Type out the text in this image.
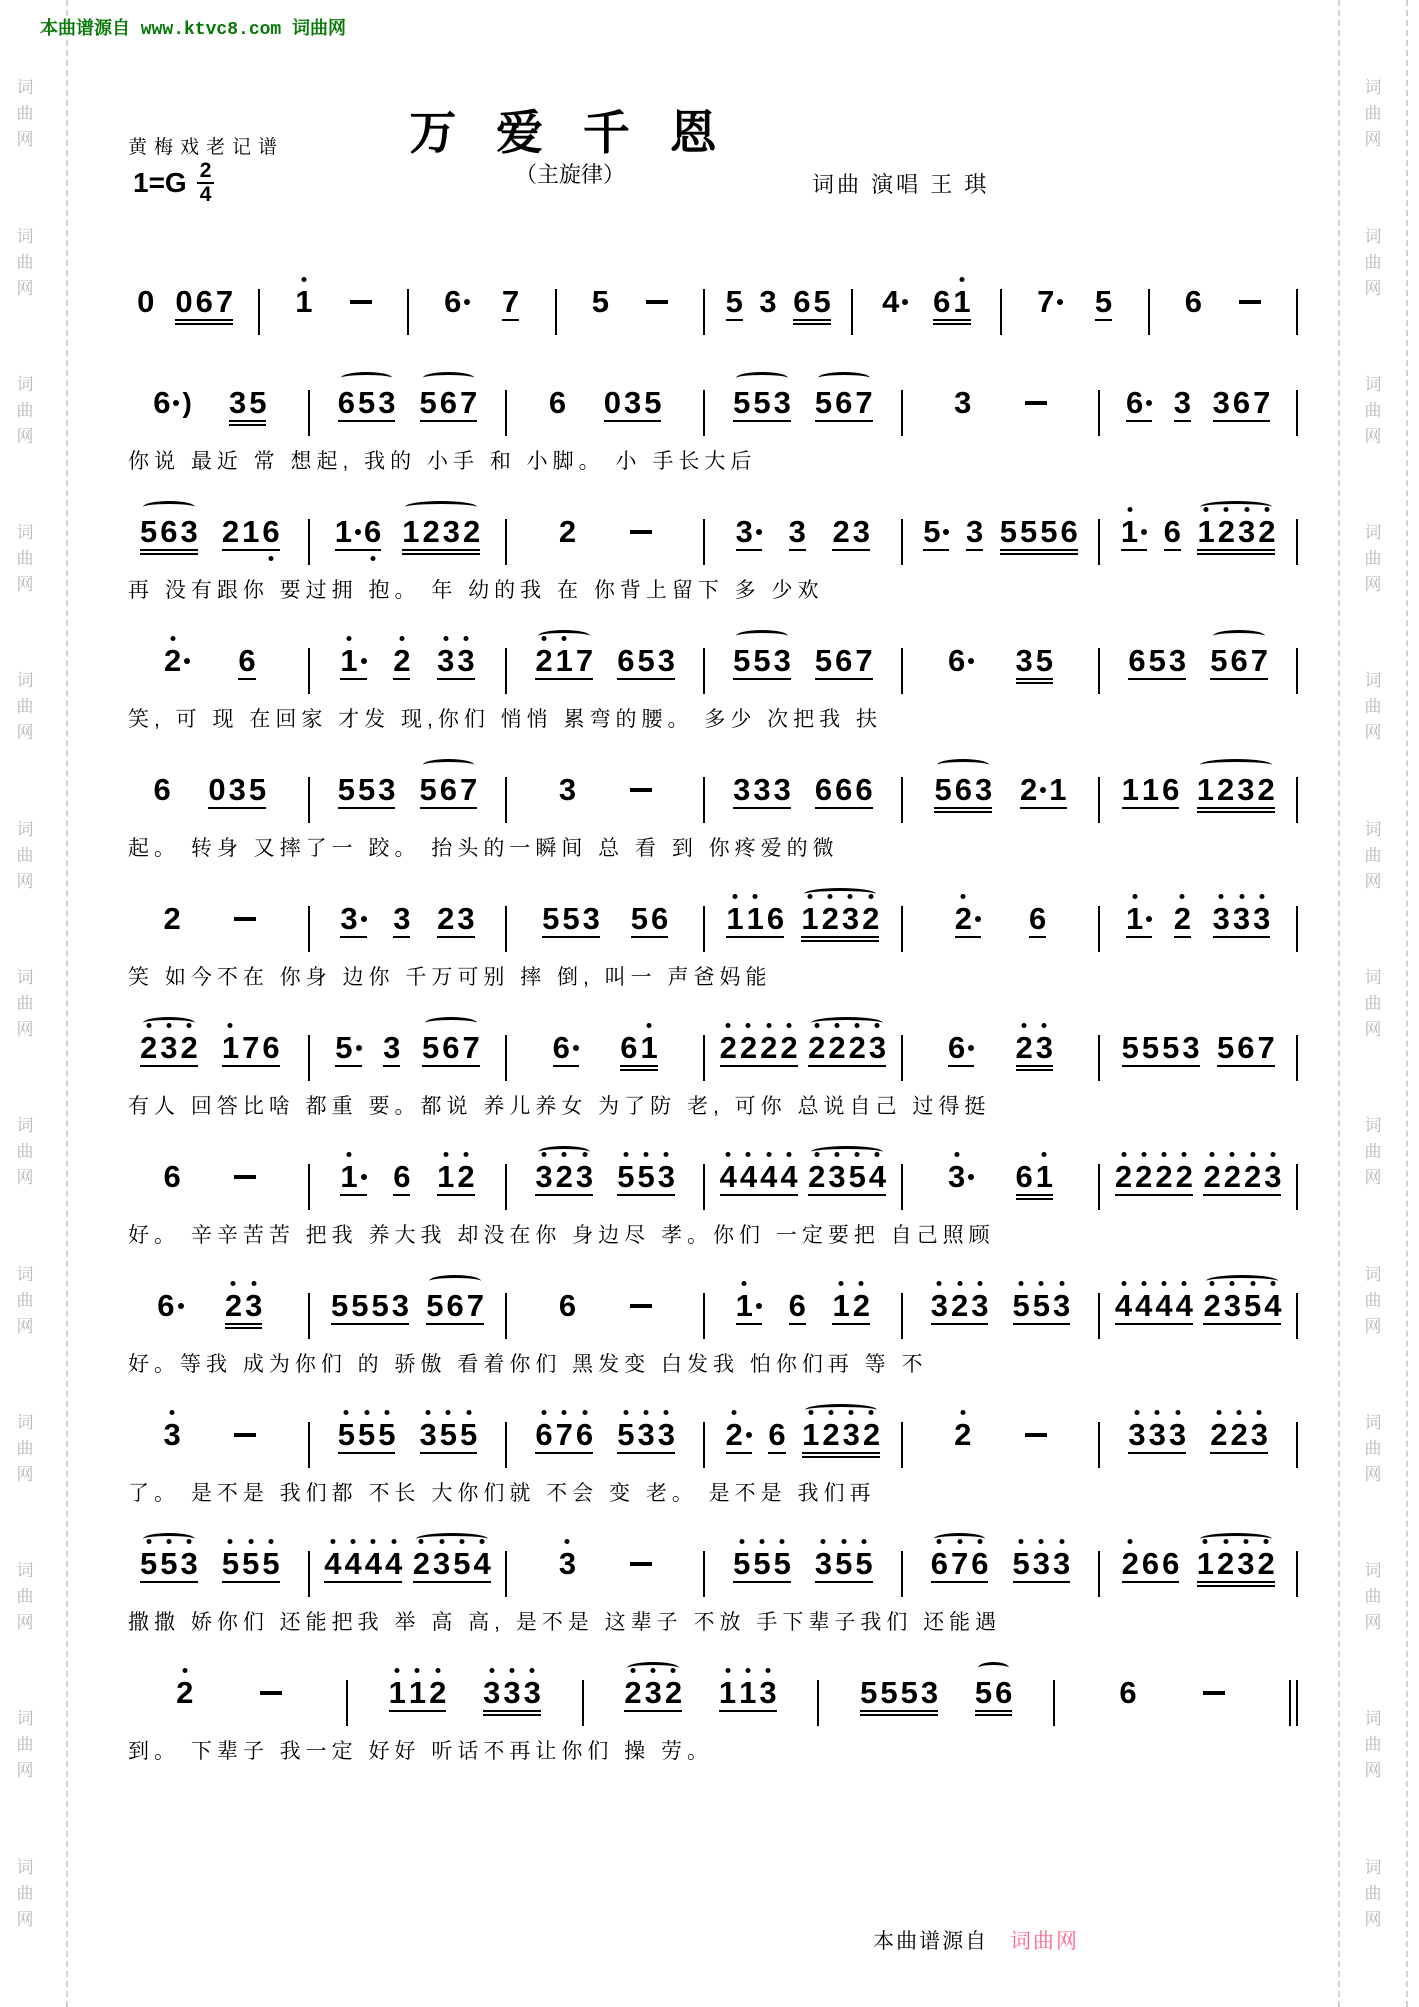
词
曲
网
词
曲
网
词
曲
网
词
曲
网
词
曲
网
词
曲
网
词
曲
网
词
曲
网
词
曲
网
词
曲
网
词
曲
网
词
曲
网
词
曲
网
词
曲
网
词
曲
网
词
曲
网
词
曲
网
词
曲
网
词
曲
网
词
曲
网
词
曲
网
词
曲
网
词
曲
网
词
曲
网
词
曲
网
词
曲
网
本曲谱源自 www.ktvc8.com 词曲网
万 爱 千 恩
（主旋律）
黄梅戏老记谱
$1=G \frac{2}{4}$	词曲 演唱 王 琪
0 0 6 7 1	6 7 5	5 3 6 5 4 6 1 7 5 6
6 ) 3 5 6 5 3 5 6 7 6 0 3 5 5 5 3 5 6 7	3	6 3 3 6 7
你说 最近 常 想起, 我的 小手 和 小脚。 小 手长大后
5 6 3 2 1 6 1 6 1 2 3 2	2	3 3 2 3 5 3 5 5 5 6 1 6 1 2 3 2
再 没有跟你 要过拥 抱。 年 幼的我 在 你背上留下 多 少欢
2 6	1 2 3 3 2 1 7 6 5 3 5 5 3 5 6 7 6 3 5 6 5 3 5 6 7
笑, 可 现 在回家 才发 现,你们 悄悄 累弯的腰。 多少 次把我 扶
6 0 3 5 5 5 3 5 6 7	3	3 3 3 6 6 6 5 6 3 2 1 1 1 6 1 2 3 2
起。 转身 又摔了一 跤。 抬头的一瞬间 总 看 到 你疼爱的微
2	3 3 2 3 5 5 3 5 6 1 1 6 1 2 3 2 2 6	1 2 3 3 3
笑 如今不在 你身 边你 千万可别 摔 倒, 叫一 声爸妈能
2 3 2 1 7 6 5 3 5 6 7 6 6 1 2 2 2 2 2 2 2 3 6 2 3 5 5 5 3 5 6 7
有人 回答比啥 都重 要。都说 养儿养女 为了防 老, 可你 总说自己 过得挺
6	1 6 1 2 3 2 3 5 5 3 4 4 4 4 2 3 5 4 3 6 1 2 2 2 2 2 2 2 3
好。 辛辛苦苦 把我 养大我 却没在你 身边尽 孝。你们 一定要把 自己照顾
6 2 3 5 5 5 3 5 6 7 6	1 6 1 2 3 2 3 5 5 3 4 4 4 4 2 3 5 4
好。等我 成为你们 的 骄傲 看着你们 黑发变 白发我 怕你们再 等 不
3	5 5 5 3 5 5 6 7 6 5 3 3 2 6 1 2 3 2 2	3 3 3 2 2 3
了。 是不是 我们都 不长 大你们就 不会 变 老。 是不是 我们再
5 5 3 5 5 5 4 4 4 4 2 3 5 4 3	5 5 5 3 5 5 6 7 6 5 3 3 2 6 6 1 2 3 2
撒撒 娇你们 还能把我 举 高 高, 是不是 这辈子 不放 手下辈子我们 还能遇
2	1 1 2 3 3 3	2 3 2 1 1 3	5 5 5 3 5 6	6
到。 下辈子 我一定 好好 听话不再让你们 操 劳。
本曲谱源自 词曲网
